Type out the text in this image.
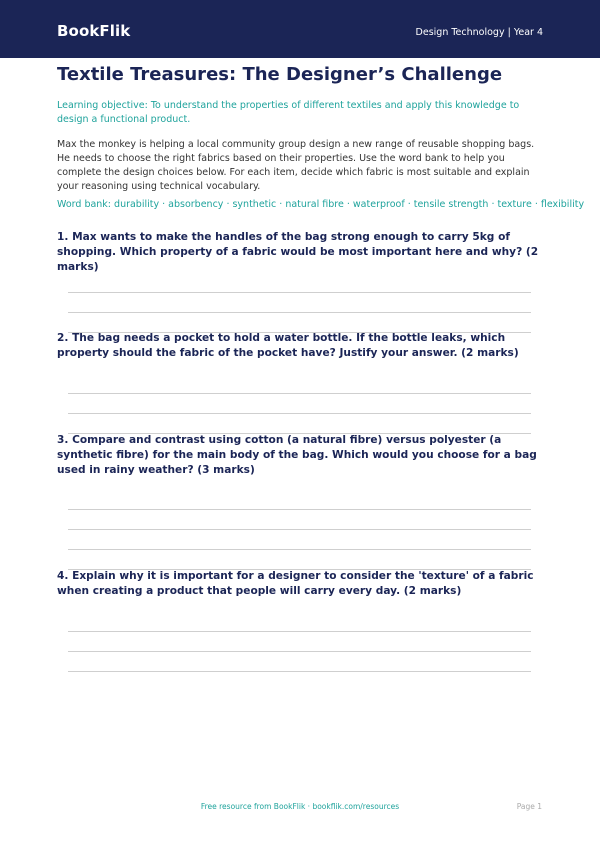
BookFlik	Design Technology | Year 4
Textile Treasures: The Designer’s Challenge
Learning objective: To understand the properties of different textiles and apply this knowledge to design a functional product.
Max the monkey is helping a local community group design a new range of reusable shopping bags. He needs to choose the right fabrics based on their properties. Use the word bank to help you complete the design choices below. For each item, decide which fabric is most suitable and explain your reasoning using technical vocabulary.
Word bank: durability · absorbency · synthetic · natural fibre · waterproof · tensile strength · texture · flexibility
1. Max wants to make the handles of the bag strong enough to carry 5kg of shopping. Which property of a fabric would be most important here and why? (2 marks)
2. The bag needs a pocket to hold a water bottle. If the bottle leaks, which property should the fabric of the pocket have? Justify your answer. (2 marks)
3. Compare and contrast using cotton (a natural fibre) versus polyester (a synthetic fibre) for the main body of the bag. Which would you choose for a bag used in rainy weather? (3 marks)
4. Explain why it is important for a designer to consider the 'texture' of a fabric when creating a product that people will carry every day. (2 marks)
Free resource from BookFlik · bookflik.com/resources	Page 1
